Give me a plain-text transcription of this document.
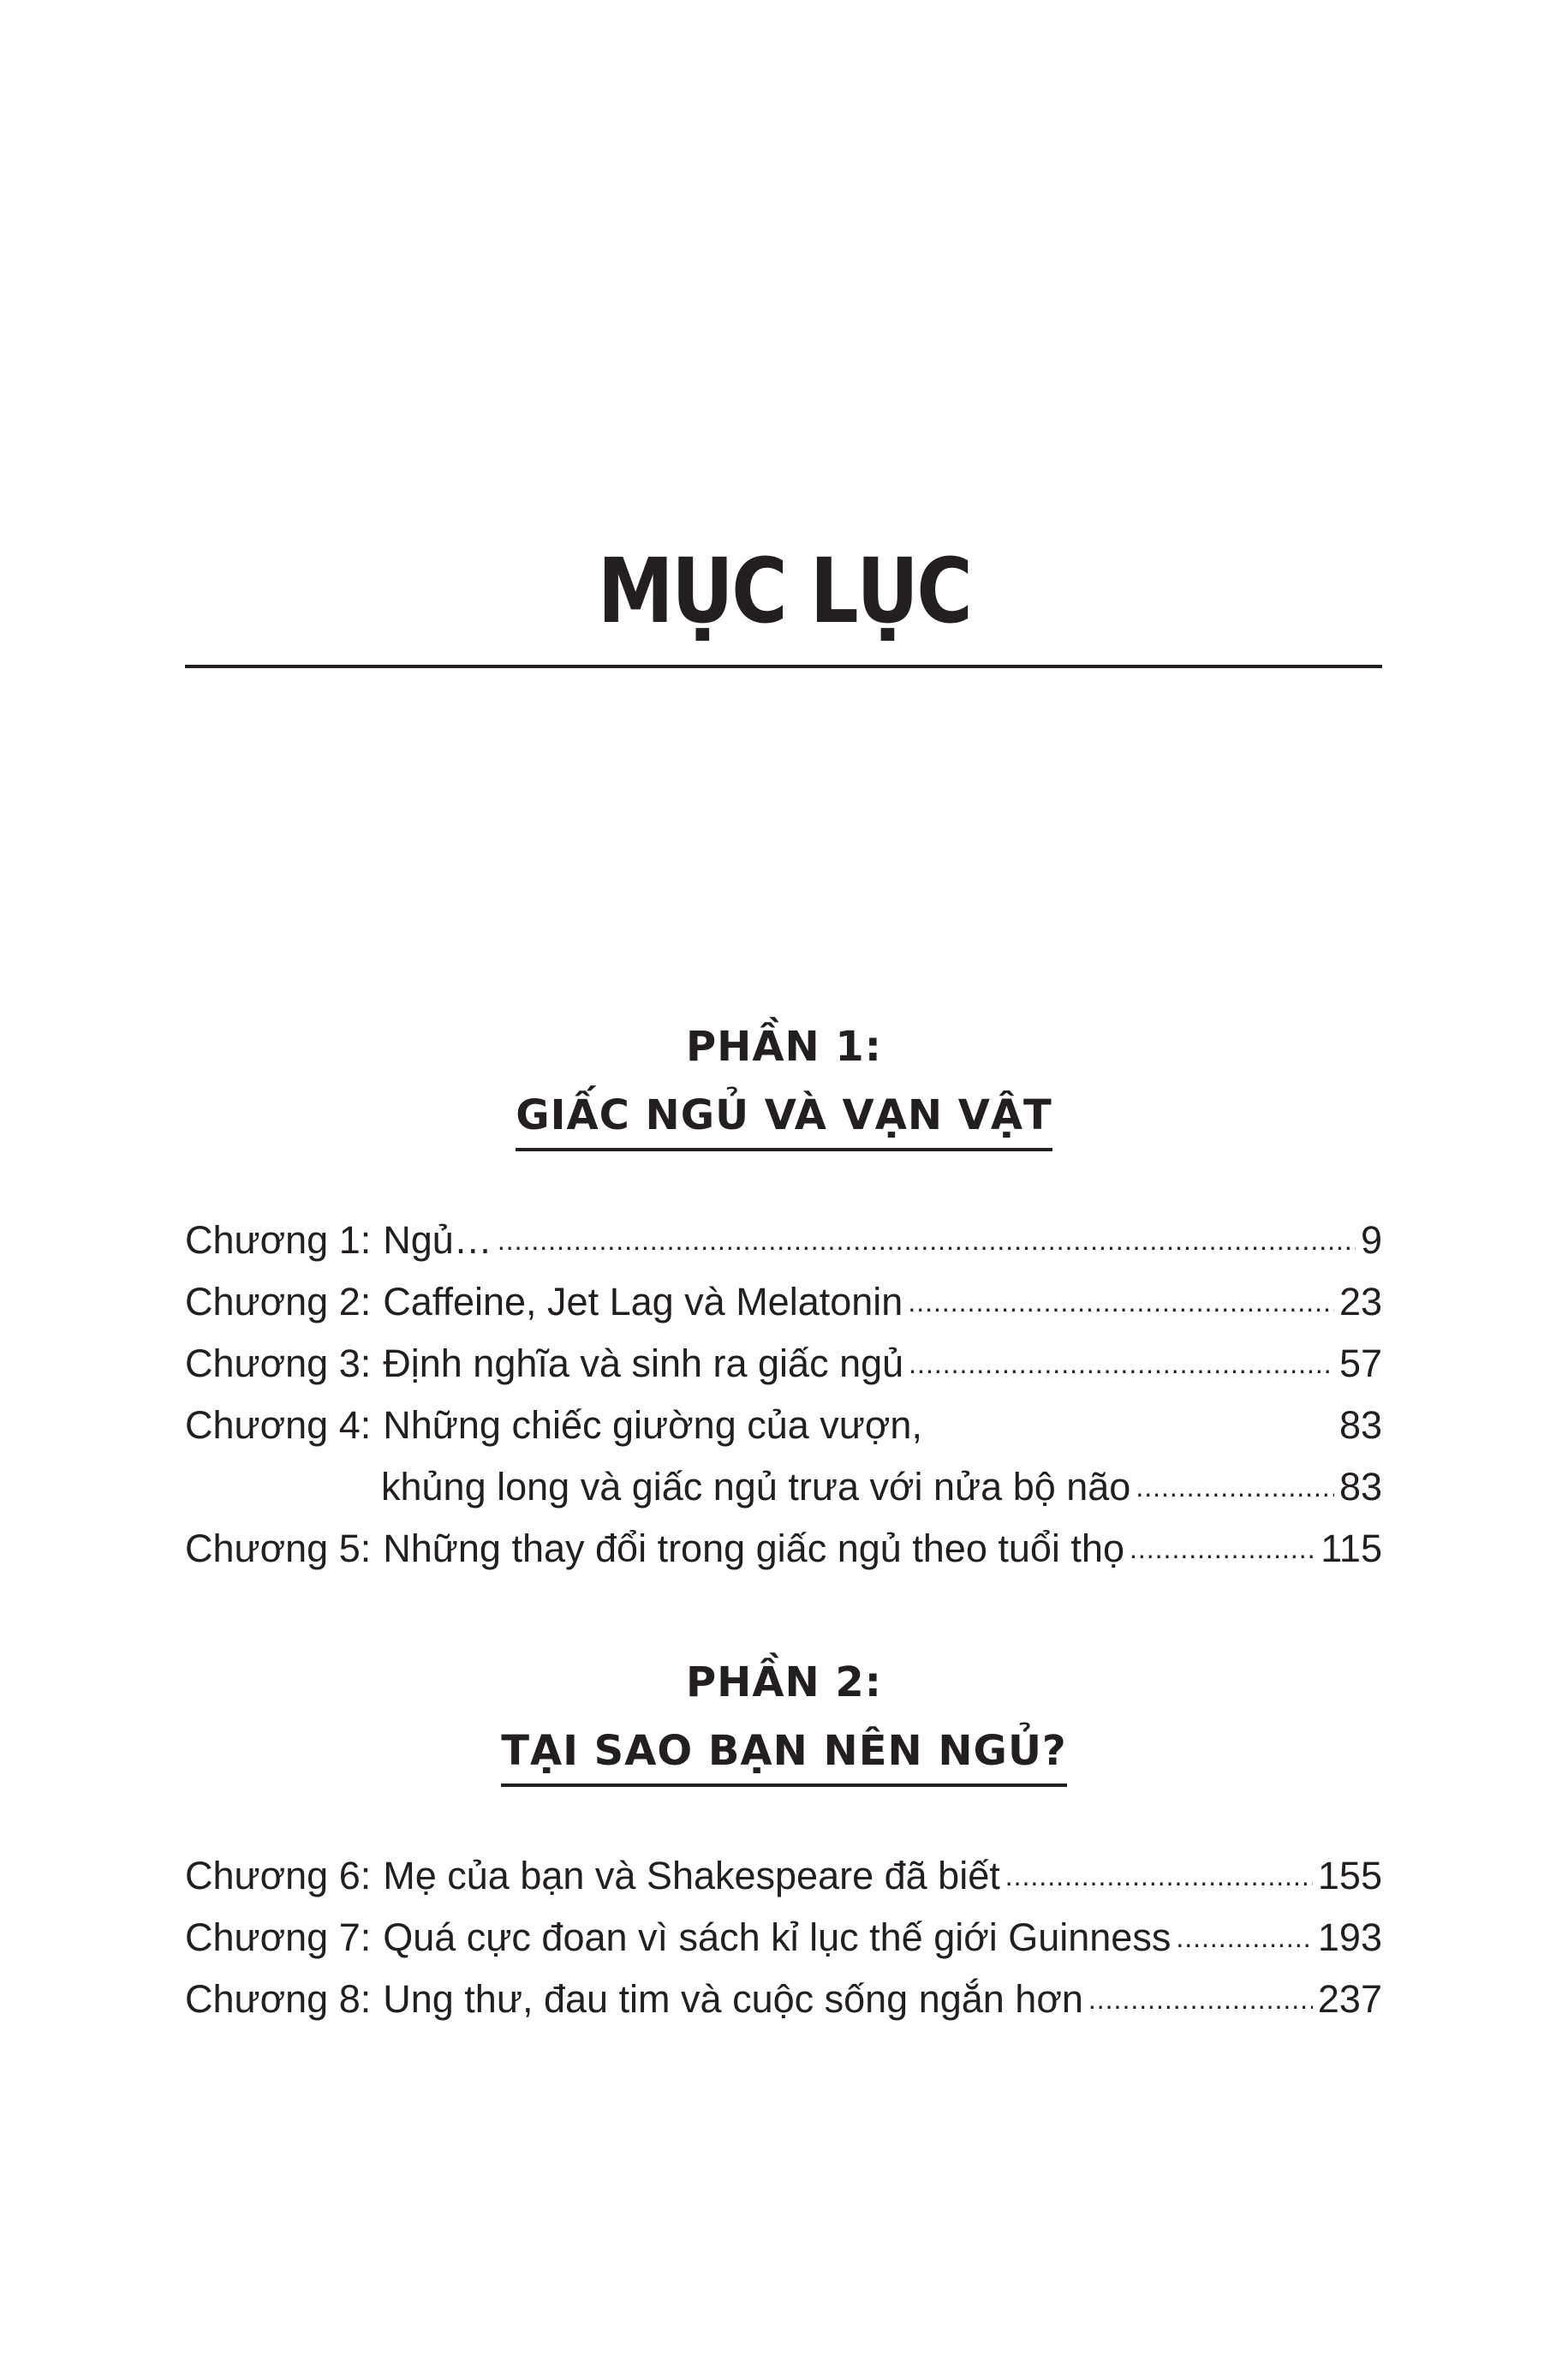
MỤC LỤC
PHẦN 1:
GIẤC NGỦ VÀ VẠN VẬT
Chương 1: Ngủ… .....	9
Chương 2: Caffeine, Jet Lag và Melatonin .....	23
Chương 3: Định nghĩa và sinh ra giấc ngủ .....	57
Chương 4: Những chiếc giường của vượn,	83
khủng long và giấc ngủ trưa với nửa bộ não .....	83
Chương 5: Những thay đổi trong giấc ngủ theo tuổi thọ .....	115
PHẦN 2:
TẠI SAO BẠN NÊN NGỦ?
Chương 6: Mẹ của bạn và Shakespeare đã biết .....	155
Chương 7: Quá cực đoan vì sách kỉ lục thế giới Guinness .....	193
Chương 8: Ung thư, đau tim và cuộc sống ngắn hơn .....	237
